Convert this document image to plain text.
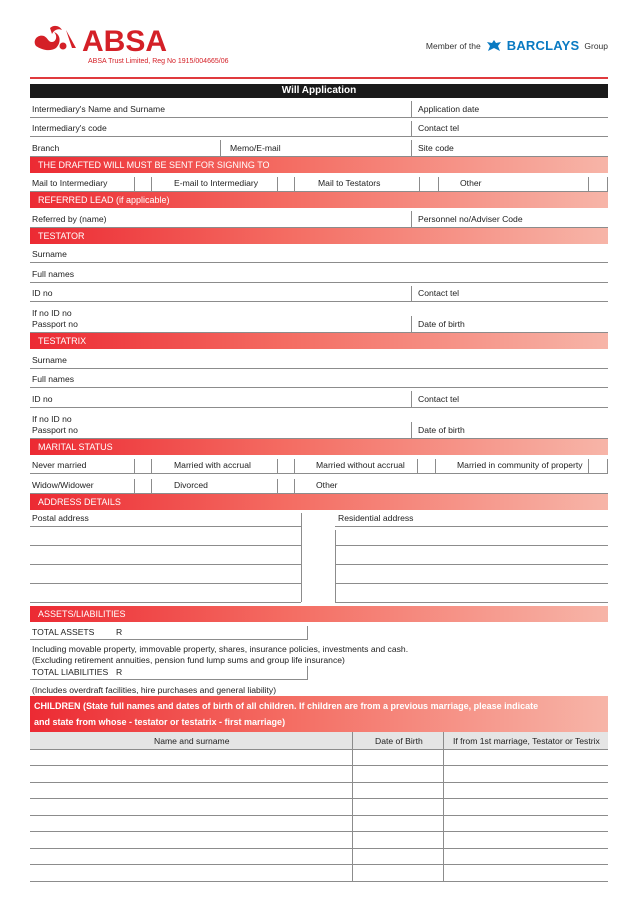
ABSA
ABSA Trust Limited, Reg No 1915/004665/06
Member of the BARCLAYS Group
Will Application
Intermediary's Name and Surname	Application date
Intermediary's code	Contact tel
Branch	Memo/E-mail	Site code
THE DRAFTED WILL MUST BE SENT FOR SIGNING TO
Mail to Intermediary	E-mail to Intermediary	Mail to Testators	Other
REFERRED LEAD (if applicable)
Referred by (name)	Personnel no/Adviser Code
TESTATOR
Surname
Full names
ID no	Contact tel
If no ID no
Passport no	Date of birth
TESTATRIX
Surname
Full names
ID no	Contact tel
If no ID no
Passport no	Date of birth
MARITAL STATUS
Never married	Married with accrual	Married without accrual	Married in community of property
Widow/Widower	Divorced	Other
ADDRESS DETAILS
Postal address	Residential address
ASSETS/LIABILITIES
TOTAL ASSETS	R
Including movable property, immovable property, shares, insurance policies, investments and cash.
(Excluding retirement annuities, pension fund lump sums and group life insurance)
TOTAL LIABILITIES R
(Includes overdraft facilities, hire purchases and general liability)
CHILDREN (State full names and dates of birth of all children. If children are from a previous marriage, please indicate
and state from whose - testator or testatrix - first marriage)
Name and surname	Date of Birth	If from 1st marriage, Testator or Testrix
